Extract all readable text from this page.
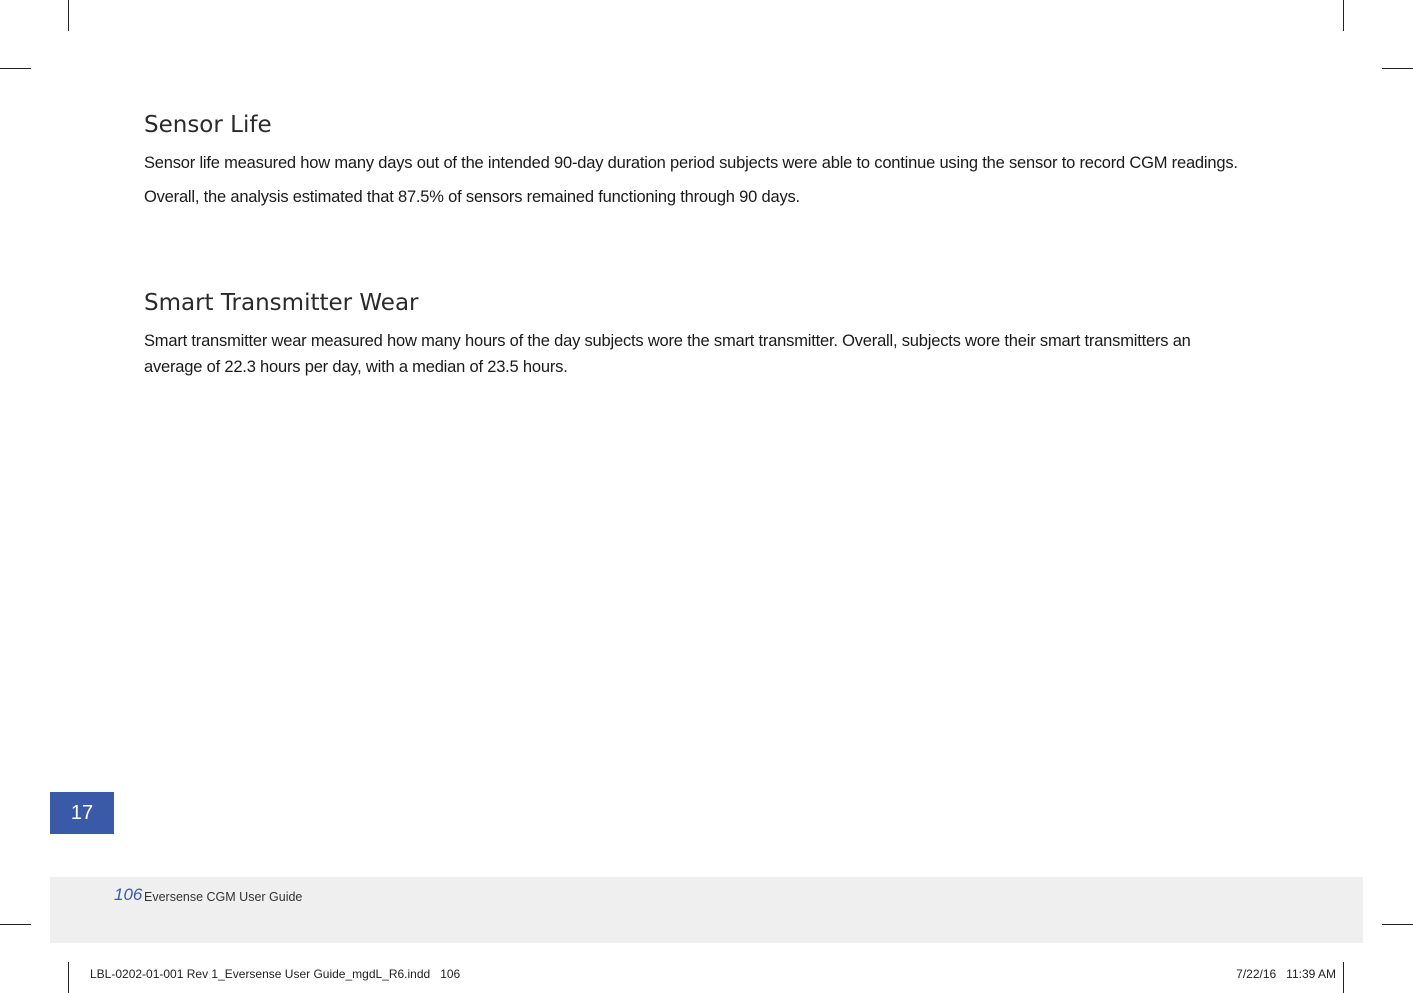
Sensor Life

Sensor life measured how many days out of the intended 90-day duration period subjects were able to continue using the sensor to record CGM readings.

Overall, the analysis estimated that 87.5% of sensors remained functioning through 90 days.

Smart Transmitter Wear

Smart transmitter wear measured how many hours of the day subjects wore the smart transmitter. Overall, subjects wore their smart transmitters an average of 22.3 hours per day, with a median of 23.5 hours.

17
106 Eversense CGM User Guide
LBL-0202-01-001 Rev 1_Eversense User Guide_mgdL_R6.indd   106	7/22/16   11:39 AM
